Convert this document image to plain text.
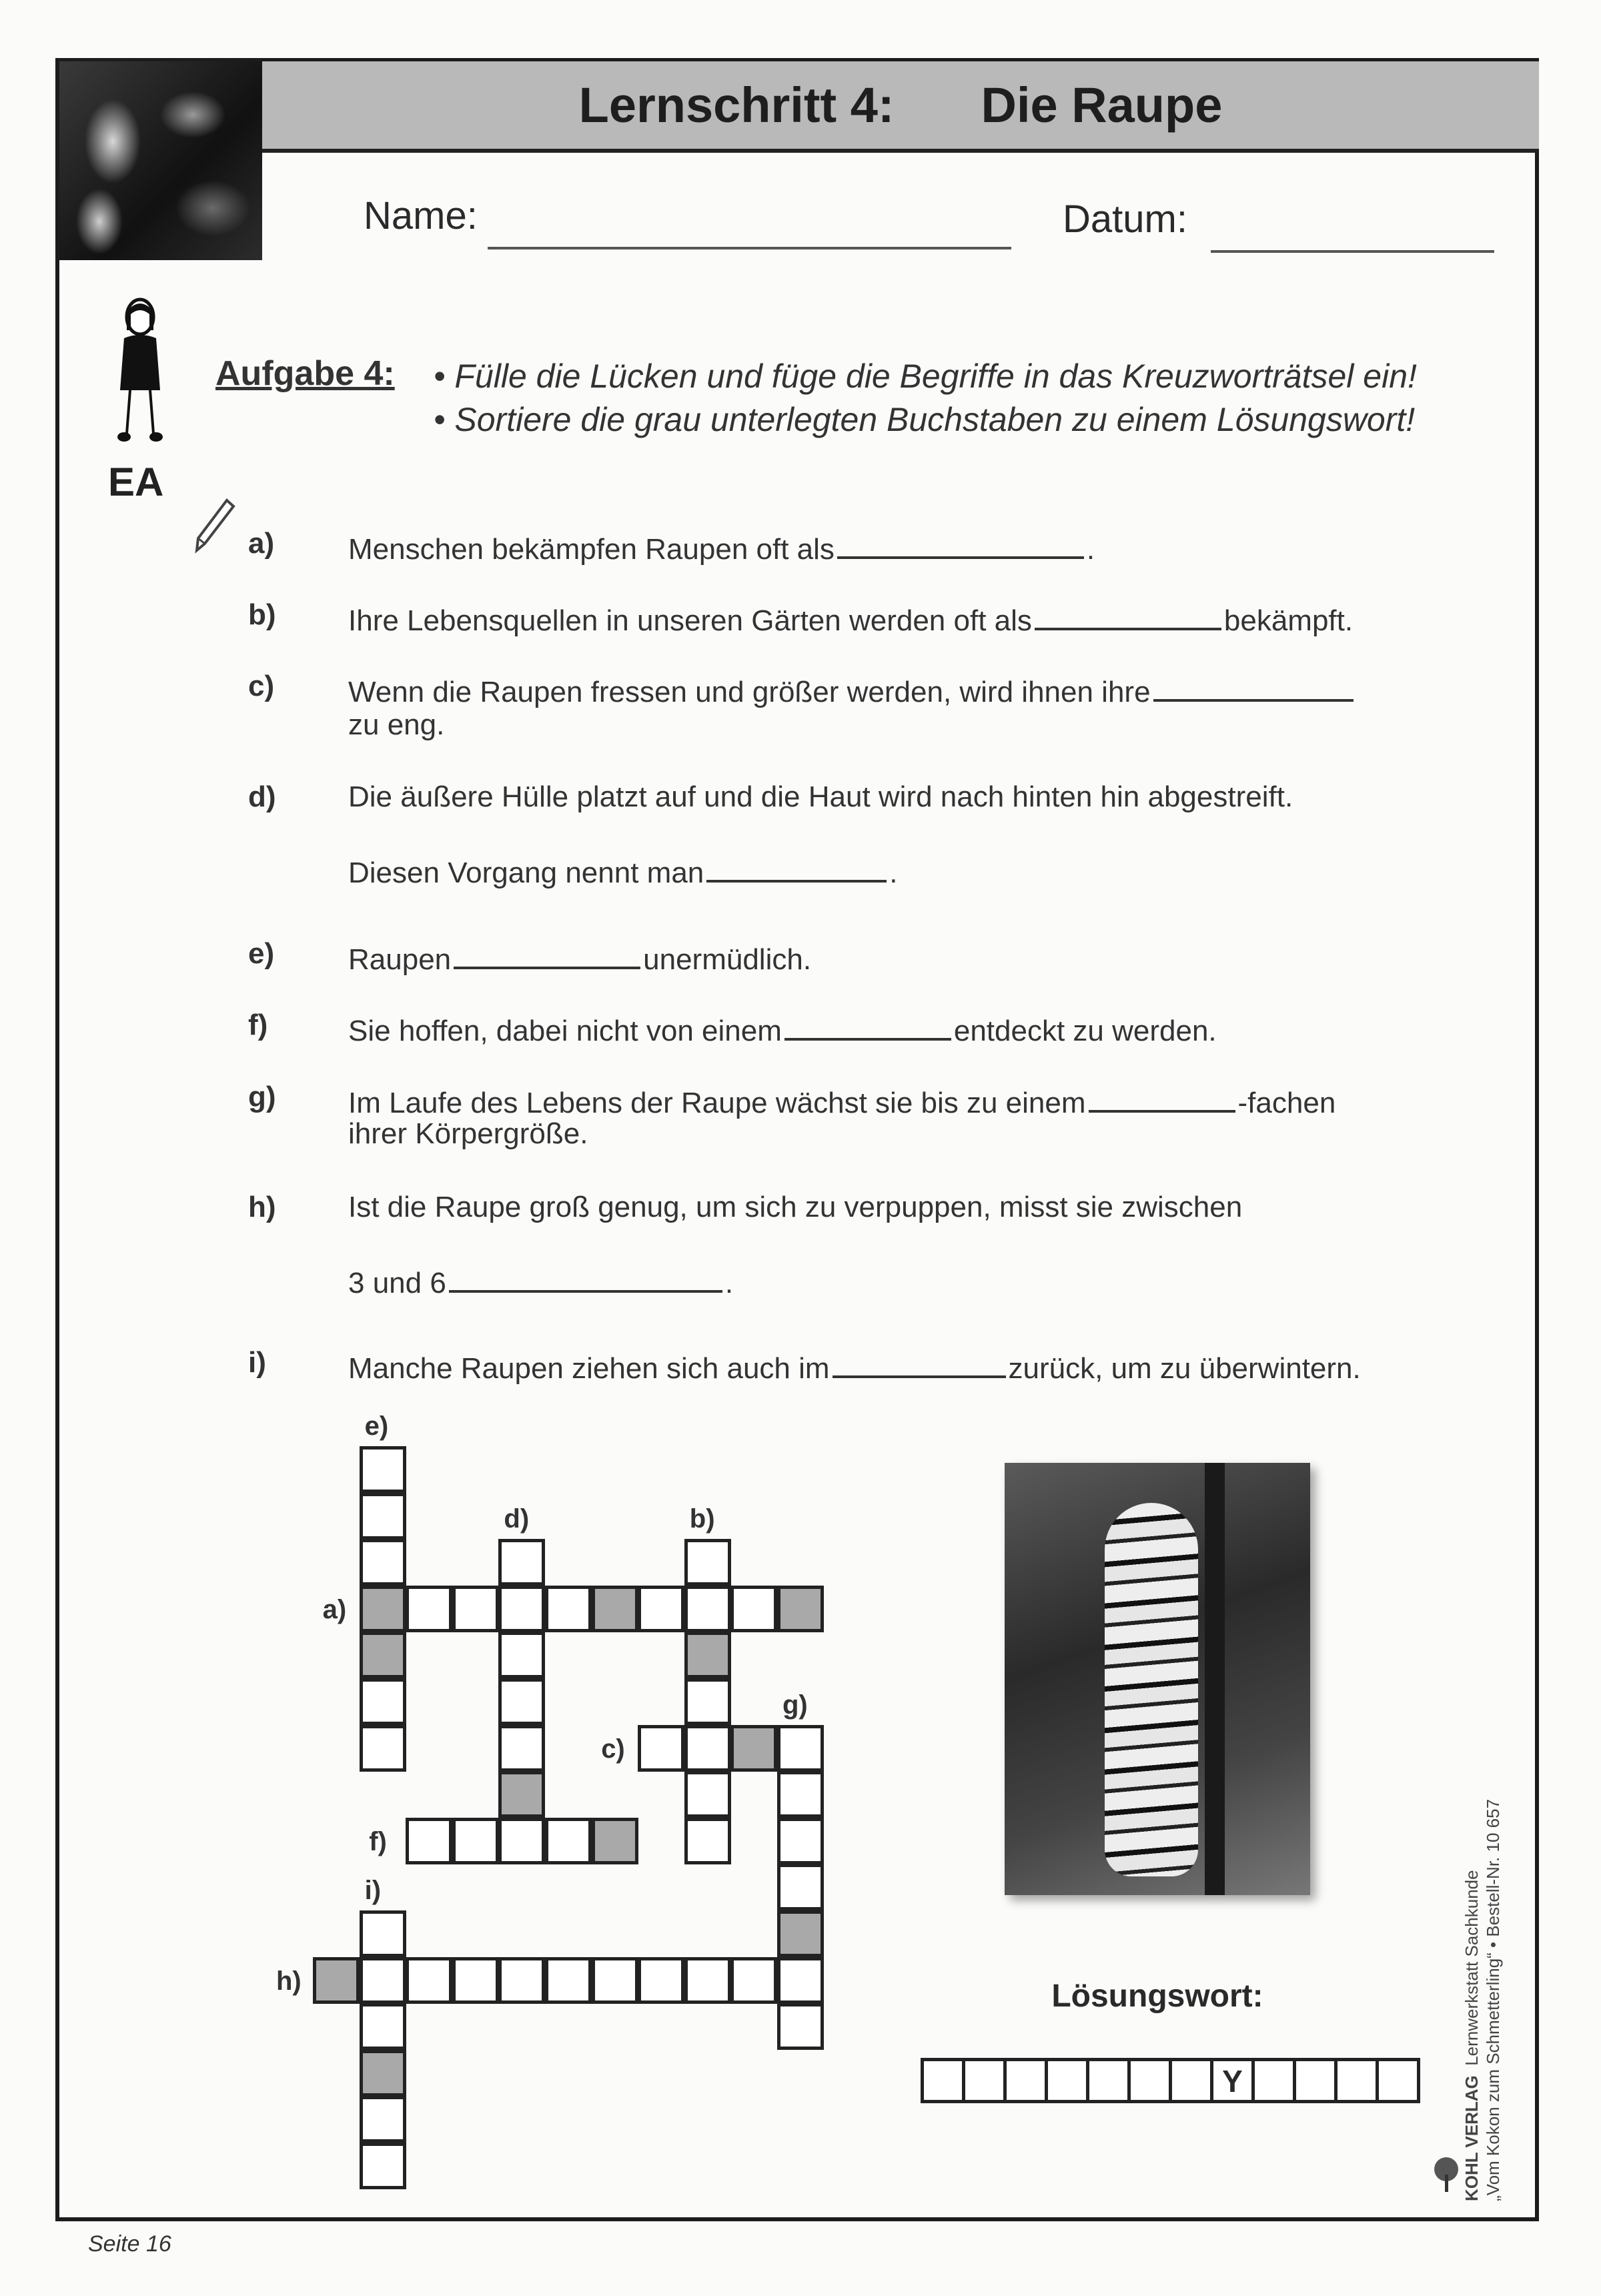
Lernschritt 4: Die Raupe
Name:	Datum:
EA
Aufgabe 4: • Fülle die Lücken und füge die Begriffe in das Kreuzworträtsel ein!
• Sortiere die grau unterlegten Buchstaben zu einem Lösungswort!
a)	Menschen bekämpfen Raupen oft als	.
b) Ihre Lebensquellen in unseren Gärten werden oft als	bekämpft.
c)	Wenn die Raupen fressen und größer werden, wird ihnen ihre
zu eng.
d) Die äußere Hülle platzt auf und die Haut wird nach hinten hin abgestreift.
Diesen Vorgang nennt man	.
e)	Raupen	unermüdlich.
f)	Sie hoffen, dabei nicht von einem	entdeckt zu werden.
g) Im Laufe des Lebens der Raupe wächst sie bis zu einem	-fachen
ihrer Körpergröße.
h) Ist die Raupe groß genug, um sich zu verpuppen, misst sie zwischen
3 und 6	.
i)	Manche Raupen ziehen sich auch im	zurück, um zu überwintern.
a)
b)
c)
d)
e)
f)
g)
h)
i)
Lösungswort:
Y	KOHL VERLAG  Lernwerkstatt Sachkunde „Vom Kokon zum Schmetterling“ • Bestell-Nr. 10 657
Seite 16
